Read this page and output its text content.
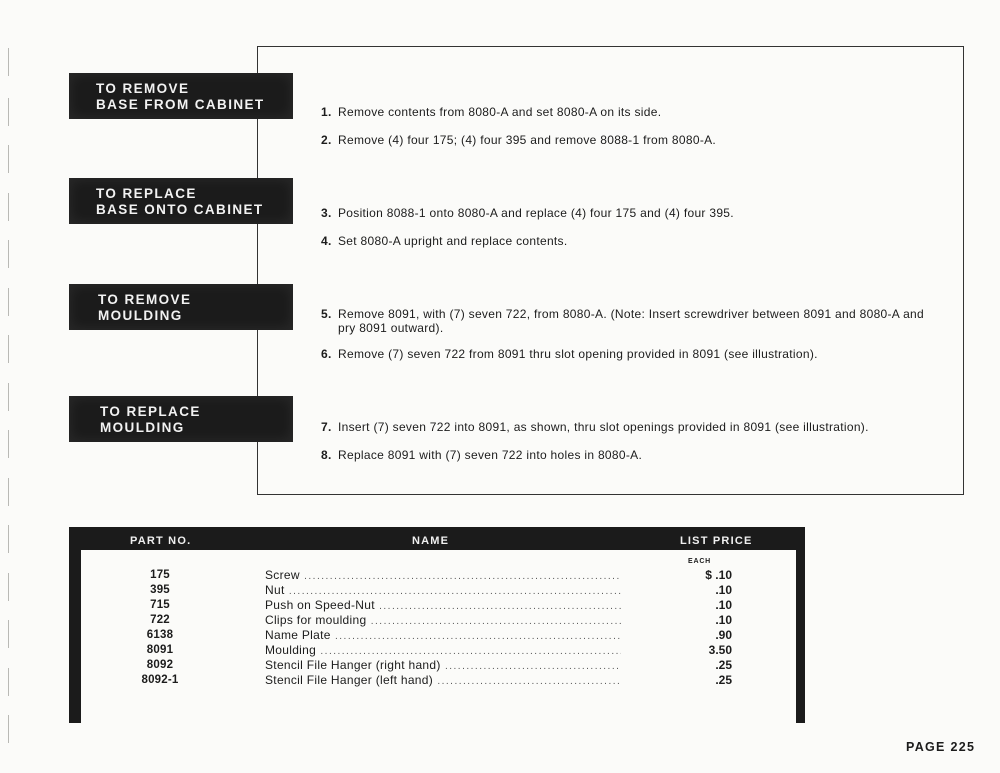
TO REMOVE
BASE FROM CABINET
TO REPLACE
BASE ONTO CABINET
TO REMOVE
MOULDING
TO REPLACE
MOULDING
1. Remove contents from 8080-A and set 8080-A on its side.
2. Remove (4) four 175; (4) four 395 and remove 8088-1 from 8080-A.
3. Position 8088-1 onto 8080-A and replace (4) four 175 and (4) four 395.
4. Set 8080-A upright and replace contents.
5. Remove 8091, with (7) seven 722, from 8080-A. (Note: Insert screwdriver between 8091 and 8080-A and pry 8091 outward).
6. Remove (7) seven 722 from 8091 thru slot opening provided in 8091 (see illustration).
7. Insert (7) seven 722 into 8091, as shown, thru slot openings provided in 8091 (see illustration).
8. Replace 8091 with (7) seven 722 into holes in 8080-A.
PART NO.	NAME	LIST PRICE
EACH
175	Screw .....	$ .10
395	Nut .....	.10
715	Push on Speed-Nut .....	.10
722	Clips for moulding .....	.10
6138	Name Plate .....	.90
8091	Moulding .....	3.50
8092	Stencil File Hanger (right hand) .....	.25
8092-1	Stencil File Hanger (left hand) .....	.25
PAGE 225
